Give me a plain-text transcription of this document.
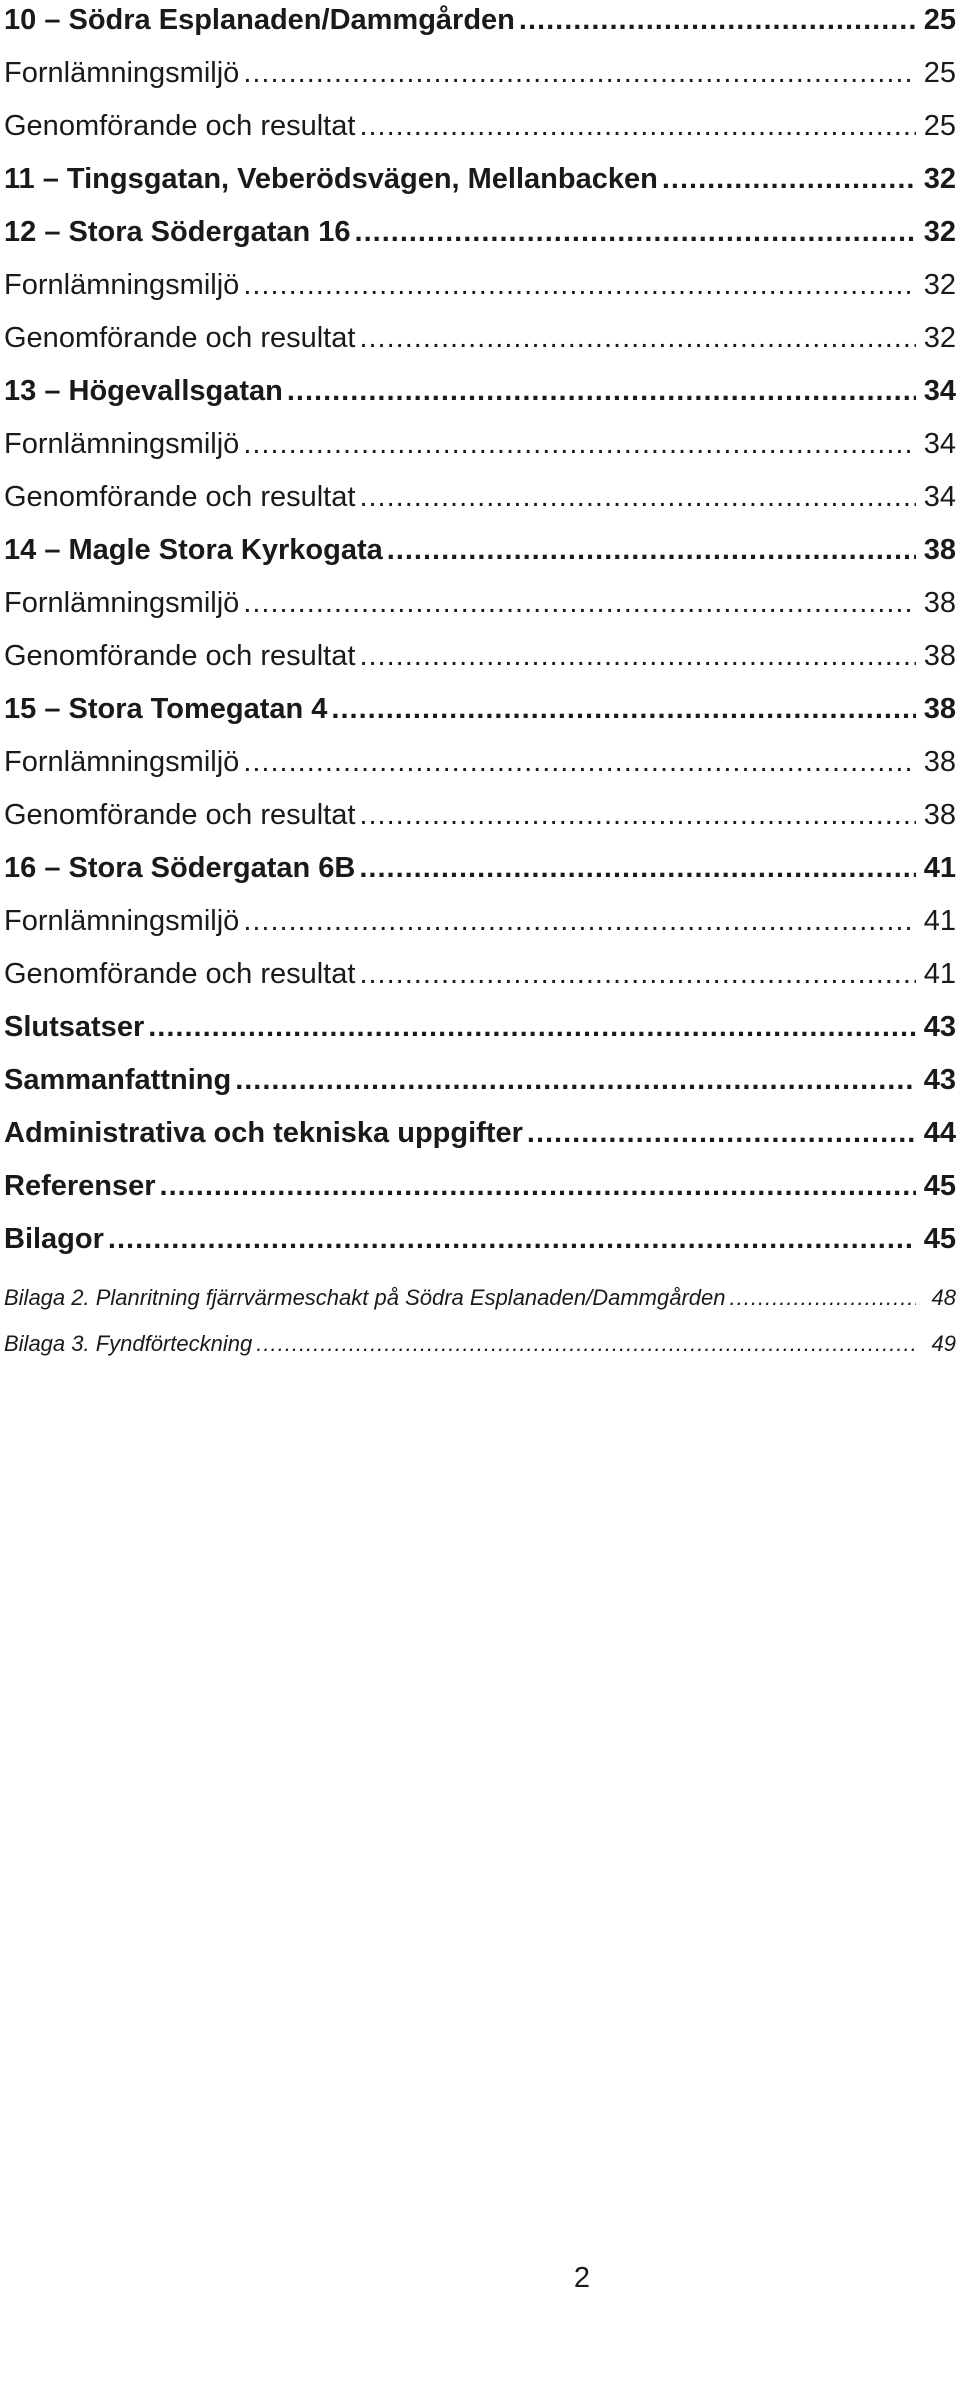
10 – Södra Esplanaden/Dammgården .....	25
Fornlämningsmiljö .....	25
Genomförande och resultat .....	25
11 – Tingsgatan, Veberödsvägen, Mellanbacken .....	32
12 – Stora Södergatan 16 .....	32
Fornlämningsmiljö .....	32
Genomförande och resultat .....	32
13 – Högevallsgatan .....	34
Fornlämningsmiljö .....	34
Genomförande och resultat .....	34
14 – Magle Stora Kyrkogata .....	38
Fornlämningsmiljö .....	38
Genomförande och resultat .....	38
15 – Stora Tomegatan 4 .....	38
Fornlämningsmiljö .....	38
Genomförande och resultat .....	38
16 – Stora Södergatan 6B .....	41
Fornlämningsmiljö .....	41
Genomförande och resultat .....	41
Slutsatser .....	43
Sammanfattning .....	43
Administrativa och tekniska uppgifter .....	44
Referenser .....	45
Bilagor .....	45
Bilaga 2. Planritning fjärrvärmeschakt på Södra Esplanaden/Dammgården .....	48
Bilaga 3. Fyndförteckning .....	49
2
